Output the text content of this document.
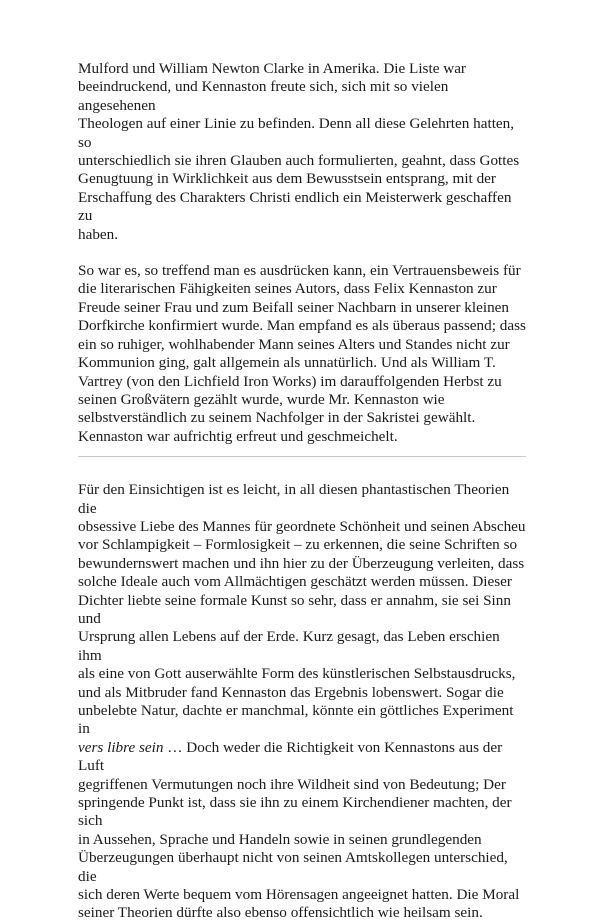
Mulford und William Newton Clarke in Amerika. Die Liste war
beeindruckend, und Kennaston freute sich, sich mit so vielen angesehenen
Theologen auf einer Linie zu befinden. Denn all diese Gelehrten hatten, so
unterschiedlich sie ihren Glauben auch formulierten, geahnt, dass Gottes
Genugtuung in Wirklichkeit aus dem Bewusstsein entsprang, mit der
Erschaffung des Charakters Christi endlich ein Meisterwerk geschaffen zu
haben.
So war es, so treffend man es ausdrücken kann, ein Vertrauensbeweis für
die literarischen Fähigkeiten seines Autors, dass Felix Kennaston zur
Freude seiner Frau und zum Beifall seiner Nachbarn in unserer kleinen
Dorfkirche konfirmiert wurde. Man empfand es als überaus passend; dass
ein so ruhiger, wohlhabender Mann seines Alters und Standes nicht zur
Kommunion ging, galt allgemein als unnatürlich. Und als William T.
Vartrey (von den Lichfield Iron Works) im darauffolgenden Herbst zu
seinen Großvätern gezählt wurde, wurde Mr. Kennaston wie
selbstverständlich zu seinem Nachfolger in der Sakristei gewählt.
Kennaston war aufrichtig erfreut und geschmeichelt.
Für den Einsichtigen ist es leicht, in all diesen phantastischen Theorien die
obsessive Liebe des Mannes für geordnete Schönheit und seinen Abscheu
vor Schlampigkeit – Formlosigkeit – zu erkennen, die seine Schriften so
bewundernswert machen und ihn hier zu der Überzeugung verleiten, dass
solche Ideale auch vom Allmächtigen geschätzt werden müssen. Dieser
Dichter liebte seine formale Kunst so sehr, dass er annahm, sie sei Sinn und
Ursprung allen Lebens auf der Erde. Kurz gesagt, das Leben erschien ihm
als eine von Gott auserwählte Form des künstlerischen Selbstausdrucks,
und als Mitbruder fand Kennaston das Ergebnis lobenswert. Sogar die
unbelebte Natur, dachte er manchmal, könnte ein göttliches Experiment in
vers libre sein … Doch weder die Richtigkeit von Kennastons aus der Luft
gegriffenen Vermutungen noch ihre Wildheit sind von Bedeutung; Der
springende Punkt ist, dass sie ihn zu einem Kirchendiener machten, der sich
in Aussehen, Sprache und Handeln sowie in seinen grundlegenden
Überzeugungen überhaupt nicht von seinen Amtskollegen unterschied, die
sich deren Werte bequem vom Hörensagen angeeignet hatten. Die Moral
seiner Theorien dürfte also ebenso offensichtlich wie heilsam sein.
